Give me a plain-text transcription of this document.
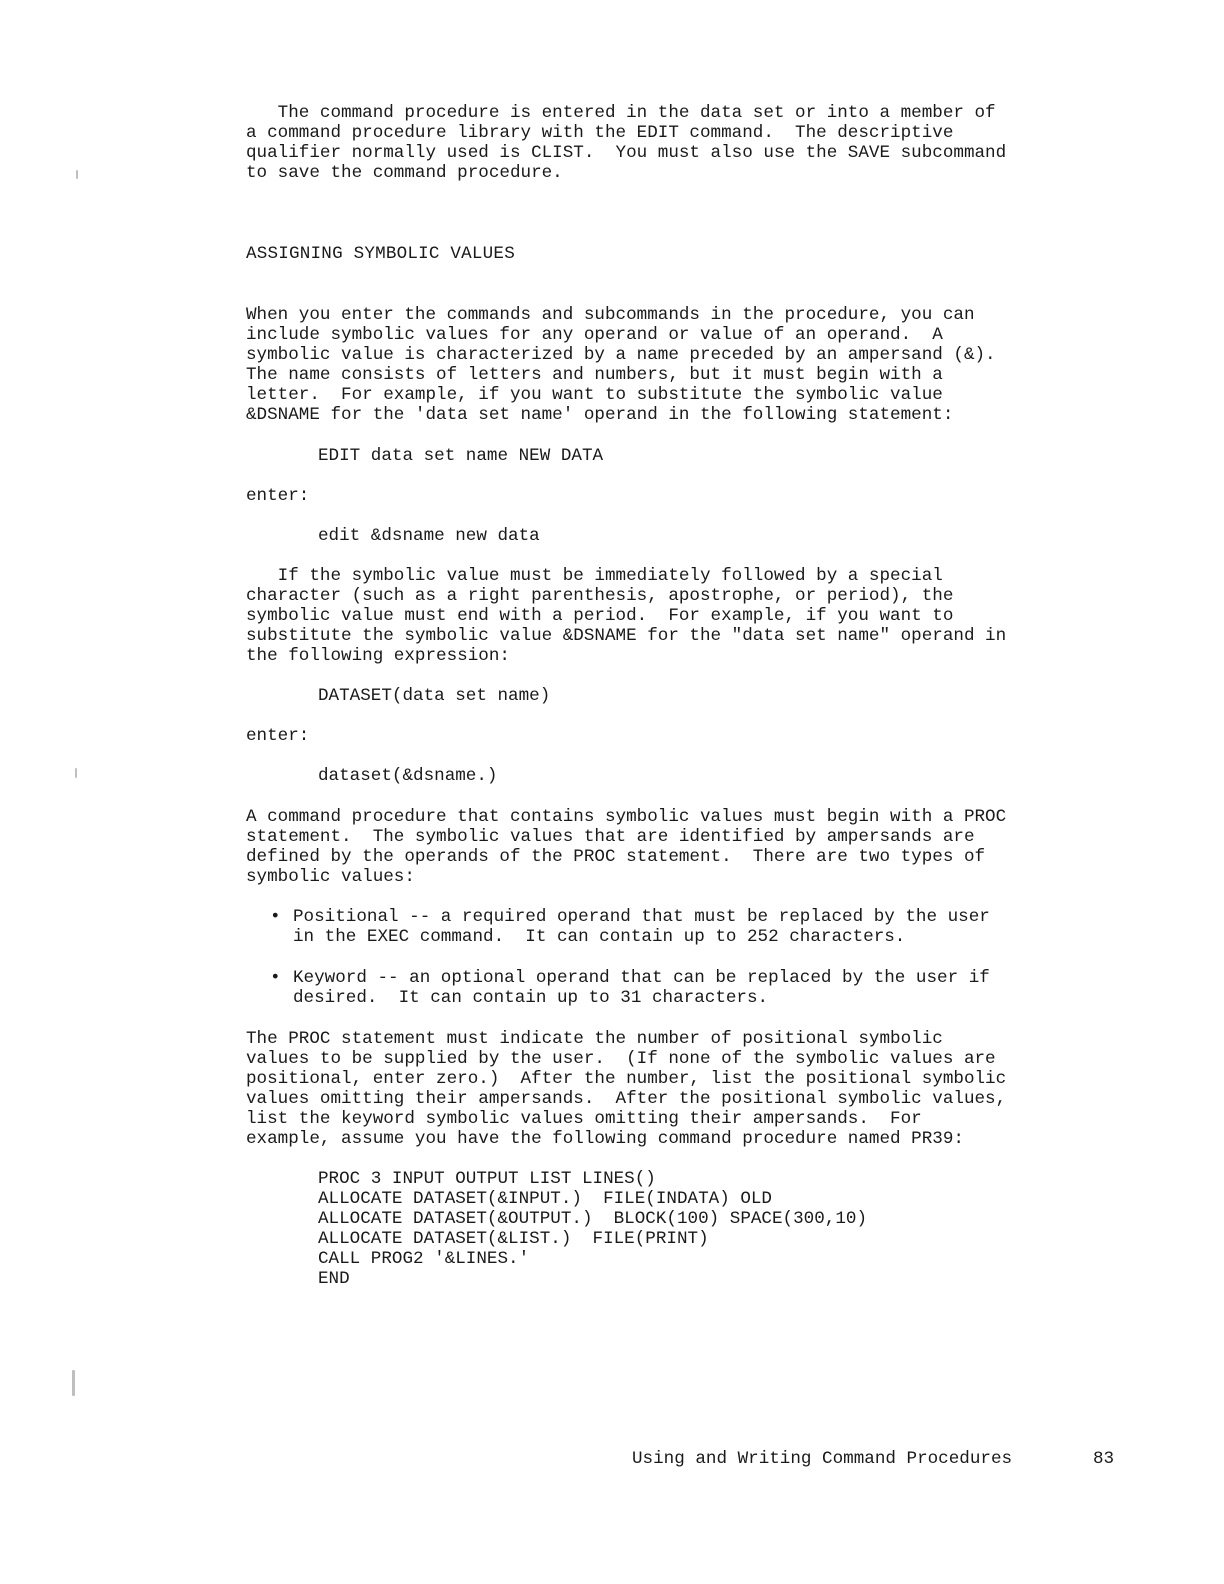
The command procedure is entered in the data set or into a member of
a command procedure library with the EDIT command.  The descriptive
qualifier normally used is CLIST.  You must also use the SAVE subcommand
to save the command procedure.

ASSIGNING SYMBOLIC VALUES

When you enter the commands and subcommands in the procedure, you can
include symbolic values for any operand or value of an operand.  A
symbolic value is characterized by a name preceded by an ampersand (&).
The name consists of letters and numbers, but it must begin with a
letter.  For example, if you want to substitute the symbolic value
&DSNAME for the 'data set name' operand in the following statement:

EDIT data set name NEW DATA

enter:

edit &dsname new data

If the symbolic value must be immediately followed by a special
character (such as a right parenthesis, apostrophe, or period), the
symbolic value must end with a period.  For example, if you want to
substitute the symbolic value &DSNAME for the "data set name" operand in
the following expression:

DATASET(data set name)

enter:

dataset(&dsname.)

A command procedure that contains symbolic values must begin with a PROC
statement.  The symbolic values that are identified by ampersands are
defined by the operands of the PROC statement.  There are two types of
symbolic values:

• Positional -- a required operand that must be replaced by the user
in the EXEC command.  It can contain up to 252 characters.
• Keyword -- an optional operand that can be replaced by the user if
desired.  It can contain up to 31 characters.

The PROC statement must indicate the number of positional symbolic
values to be supplied by the user.  (If none of the symbolic values are
positional, enter zero.)  After the number, list the positional symbolic
values omitting their ampersands.  After the positional symbolic values,
list the keyword symbolic values omitting their ampersands.  For
example, assume you have the following command procedure named PR39:

PROC 3 INPUT OUTPUT LIST LINES()
ALLOCATE DATASET(&INPUT.)  FILE(INDATA) OLD
ALLOCATE DATASET(&OUTPUT.)  BLOCK(100) SPACE(300,10)
ALLOCATE DATASET(&LIST.)  FILE(PRINT)
CALL PROG2 '&LINES.'
END

Using and Writing Command Procedures	83
